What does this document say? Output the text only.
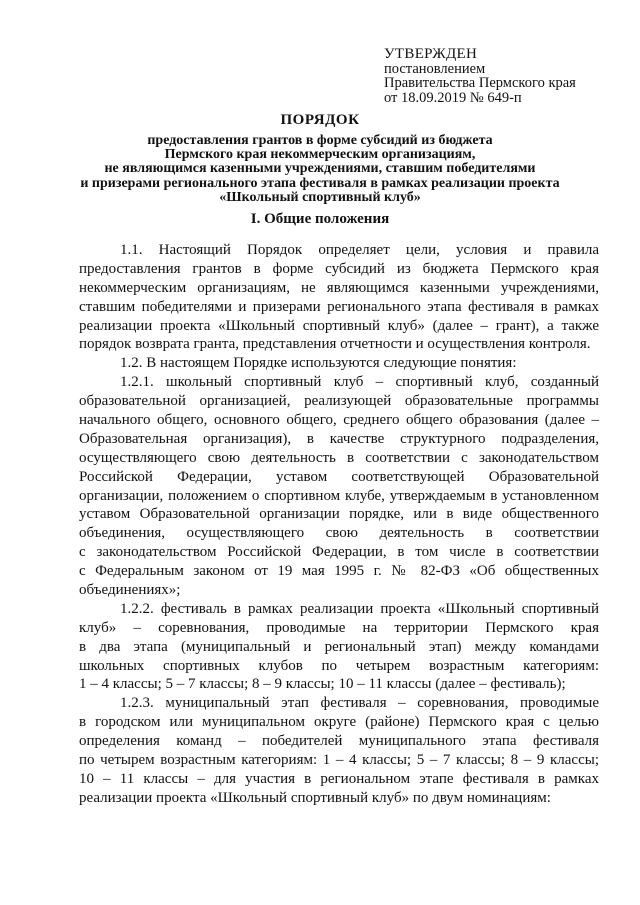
УТВЕРЖДЕН
постановлением
Правительства Пермского края
от 18.09.2019 № 649-п
ПОРЯДОК
предоставления грантов в форме субсидий из бюджета
Пермского края некоммерческим организациям,
не являющимся казенными учреждениями, ставшим победителями
и призерами регионального этапа фестиваля в рамках реализации проекта
«Школьный спортивный клуб»
I. Общие положения
1.1. Настоящий Порядок определяет цели, условия и правила
предоставления грантов в форме субсидий из бюджета Пермского края
некоммерческим организациям, не являющимся казенными учреждениями,
ставшим победителями и призерами регионального этапа фестиваля в рамках
реализации проекта «Школьный спортивный клуб» (далее – грант), а также
порядок возврата гранта, представления отчетности и осуществления контроля.
1.2. В настоящем Порядке используются следующие понятия:
1.2.1. школьный спортивный клуб – спортивный клуб, созданный
образовательной организацией, реализующей образовательные программы
начального общего, основного общего, среднего общего образования (далее –
Образовательная организация), в качестве структурного подразделения,
осуществляющего свою деятельность в соответствии с законодательством
Российской Федерации, уставом соответствующей Образовательной
организации, положением о спортивном клубе, утверждаемым в установленном
уставом Образовательной организации порядке, или в виде общественного
объединения, осуществляющего свою деятельность в соответствии
с законодательством Российской Федерации, в том числе в соответствии
с Федеральным законом от 19 мая 1995 г. № 82-ФЗ «Об общественных
объединениях»;
1.2.2. фестиваль в рамках реализации проекта «Школьный спортивный
клуб» – соревнования, проводимые на территории Пермского края
в два этапа (муниципальный и региональный этап) между командами
школьных спортивных клубов по четырем возрастным категориям:
1 – 4 классы; 5 – 7 классы; 8 – 9 классы; 10 – 11 классы (далее – фестиваль);
1.2.3. муниципальный этап фестиваля – соревнования, проводимые
в городском или муниципальном округе (районе) Пермского края с целью
определения команд – победителей муниципального этапа фестиваля
по четырем возрастным категориям: 1 – 4 классы; 5 – 7 классы; 8 – 9 классы;
10 – 11 классы – для участия в региональном этапе фестиваля в рамках
реализации проекта «Школьный спортивный клуб» по двум номинациям:
